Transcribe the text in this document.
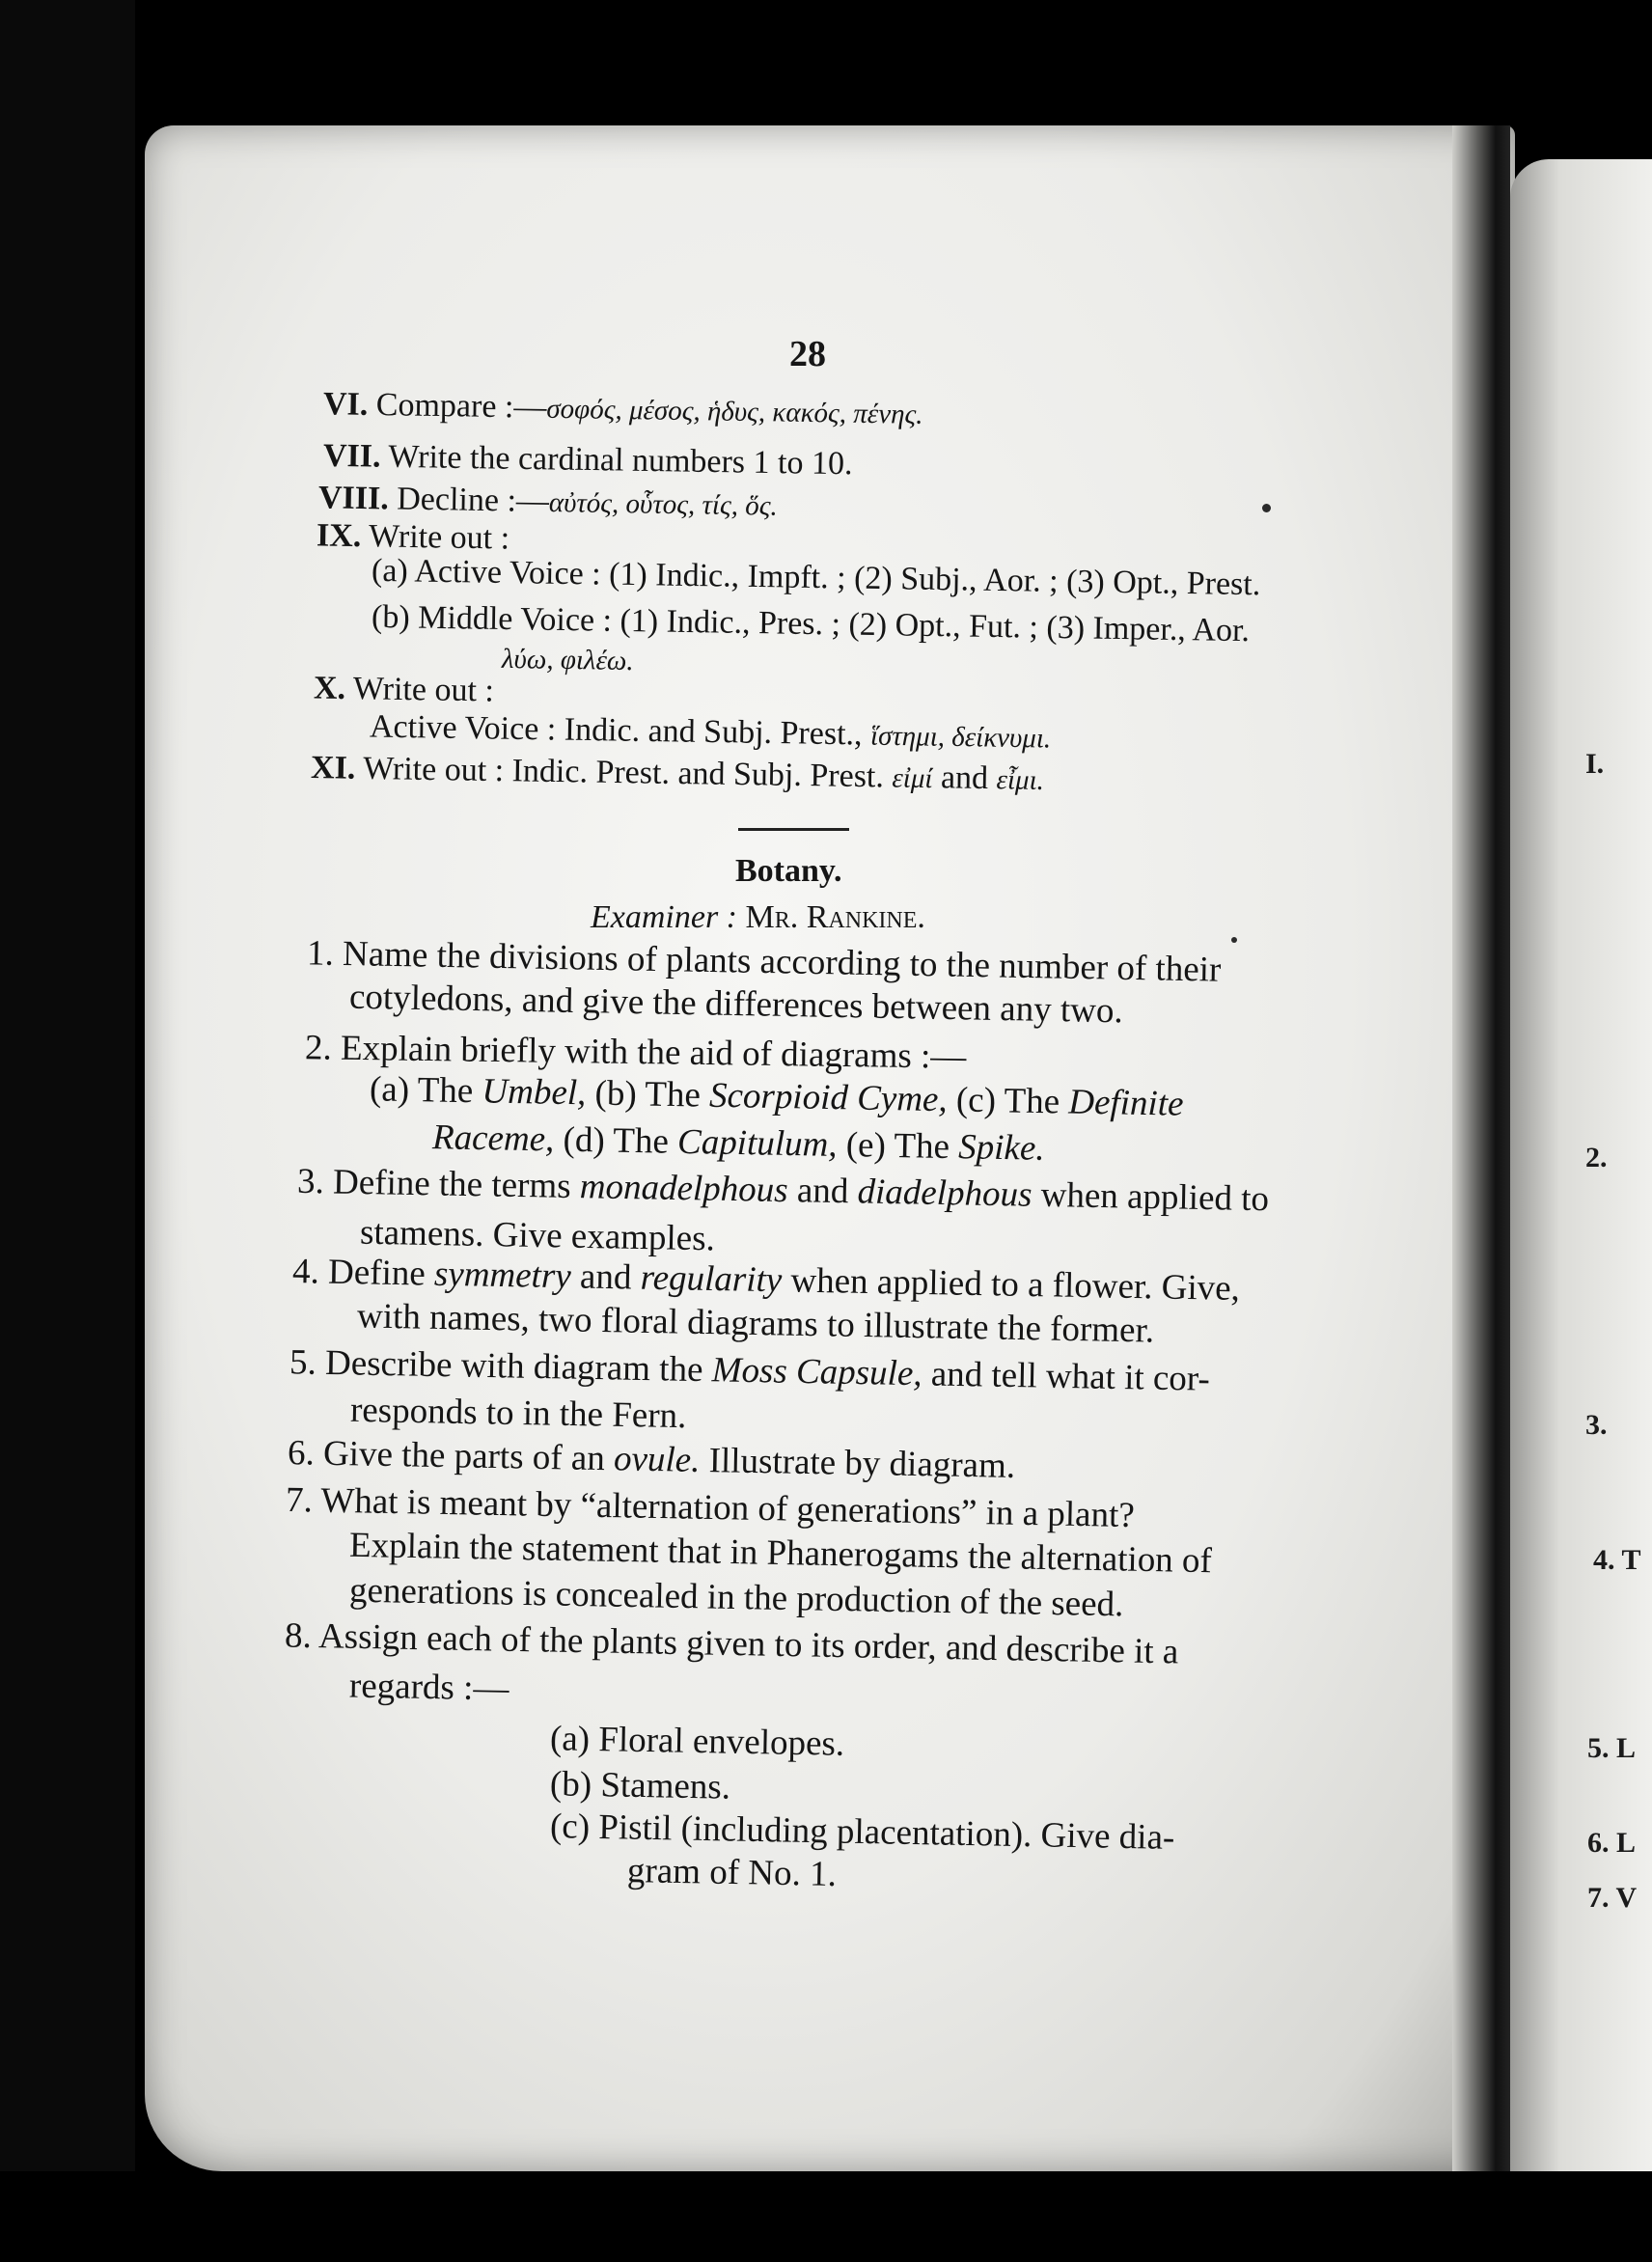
I.
2.
3.
4. T
5. L
6. L
7. V
28
VI. Compare :—σοφός, μέσος, ἡδυς, κακός, πένης.
VII. Write the cardinal numbers 1 to 10.
VIII. Decline :—αὐτός, οὗτος, τίς, ὅς.
IX. Write out :
(a) Active Voice : (1) Indic., Impft. ; (2) Subj., Aor. ; (3) Opt., Prest.
(b) Middle Voice : (1) Indic., Pres. ; (2) Opt., Fut. ; (3) Imper., Aor.
λύω, φιλέω.
X. Write out :
Active Voice : Indic. and Subj. Prest., ἵστημι, δείκνυμι.
XI. Write out : Indic. Prest. and Subj. Prest. εἰμί and εἶμι.
Botany.
Examiner : Mr. Rankine.
1. Name the divisions of plants according to the number of their
cotyledons, and give the differences between any two.
2. Explain briefly with the aid of diagrams :—
(a) The Umbel, (b) The Scorpioid Cyme, (c) The Definite
Raceme, (d) The Capitulum, (e) The Spike.
3. Define the terms monadelphous and diadelphous when applied to
stamens. Give examples.
4. Define symmetry and regularity when applied to a flower. Give,
with names, two floral diagrams to illustrate the former.
5. Describe with diagram the Moss Capsule, and tell what it cor-
responds to in the Fern.
6. Give the parts of an ovule. Illustrate by diagram.
7. What is meant by “alternation of generations” in a plant?
Explain the statement that in Phanerogams the alternation of
generations is concealed in the production of the seed.
8. Assign each of the plants given to its order, and describe it a
regards :—
(a) Floral envelopes.
(b) Stamens.
(c) Pistil (including placentation). Give dia-
gram of No. 1.
